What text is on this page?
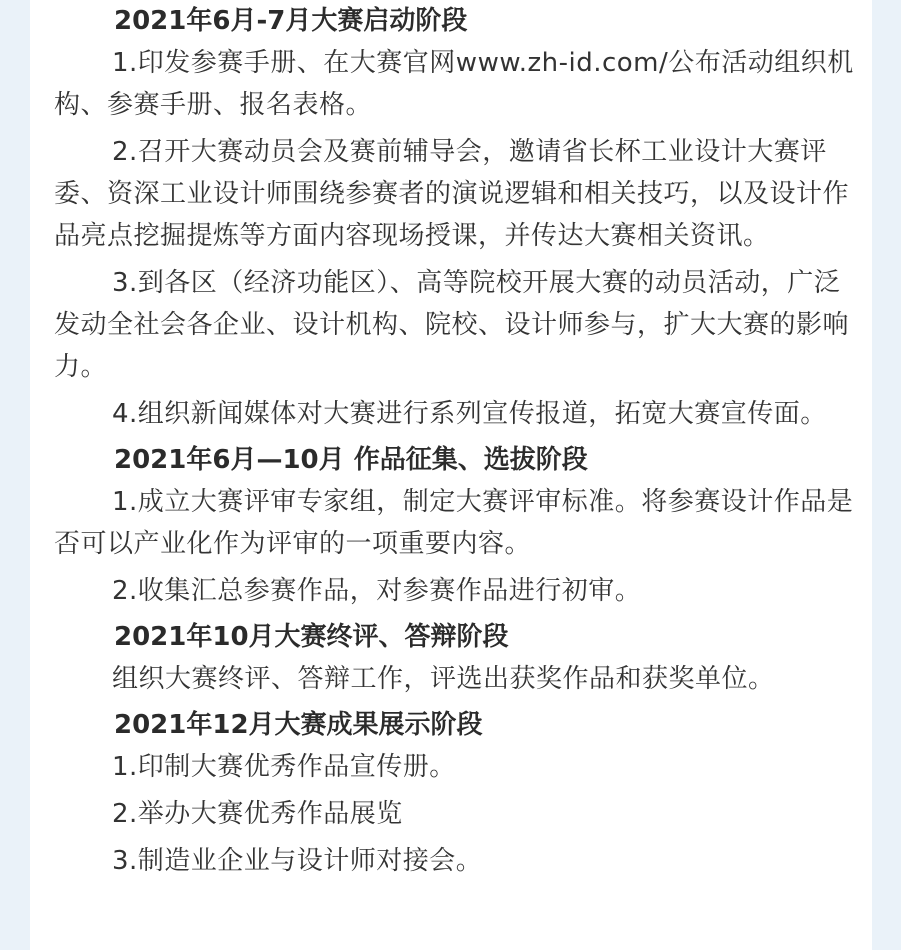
2021年6月-7月大赛启动阶段

1.印发参赛手册、在大赛官网www.zh-id.com/公布活动组织机构、参赛手册、报名表格。

2.召开大赛动员会及赛前辅导会，邀请省长杯工业设计大赛评委、资深工业设计师围绕参赛者的演说逻辑和相关技巧，以及设计作品亮点挖掘提炼等方面内容现场授课，并传达大赛相关资讯。

3.到各区（经济功能区）、高等院校开展大赛的动员活动，广泛发动全社会各企业、设计机构、院校、设计师参与，扩大大赛的影响力。

4.组织新闻媒体对大赛进行系列宣传报道，拓宽大赛宣传面。

2021年6月—10月 作品征集、选拔阶段

1.成立大赛评审专家组，制定大赛评审标准。将参赛设计作品是否可以产业化作为评审的一项重要内容。

2.收集汇总参赛作品，对参赛作品进行初审。

2021年10月大赛终评、答辩阶段

组织大赛终评、答辩工作，评选出获奖作品和获奖单位。

2021年12月大赛成果展示阶段

1.印制大赛优秀作品宣传册。

2.举办大赛优秀作品展览

3.制造业企业与设计师对接会。
